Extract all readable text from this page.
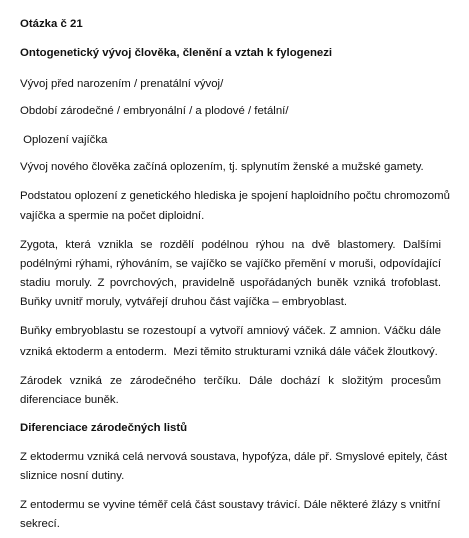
Otázka č 21
Ontogenetický vývoj člověka, členění a vztah k fylogenezi
Vývoj před narozením / prenatální vývoj/
Období zárodečné / embryonální / a plodové / fetální/
Oplození vajíčka
Vývoj nového člověka začíná oplozením, tj. splynutím ženské a mužské gamety.
Podstatou oplození z genetického hlediska je spojení haploidního počtu chromozomů
vajíčka a spermie na počet diploidní.
Zygota, která vznikla se rozdělí podélnou rýhou na dvě blastomery. Dalšími
podélnými rýhami, rýhováním, se vajíčko se vajíčko přemění v moruši, odpovídající
stadiu moruly. Z povrchových, pravidelně uspořádaných buněk vzniká trofoblast.
Buňky uvnitř moruly, vytvářejí druhou část vajíčka – embryoblast.
Buňky embryoblastu se rozestoupí a vytvoří amniový váček. Z amnion. Váčku dále
vzniká ektoderm a entoderm.  Mezi těmito strukturami vzniká dále váček žloutkový.
Zárodek vzniká ze zárodečného terčíku. Dále dochází k složitým procesům
diferenciace buněk.
Diferenciace zárodečných listů
Z ektodermu vzniká celá nervová soustava, hypofýza, dále př. Smyslové epitely, část
sliznice nosní dutiny.
Z entodermu se vyvine téměř celá část soustavy trávicí. Dále některé žlázy s vnitřní
sekrecí.
